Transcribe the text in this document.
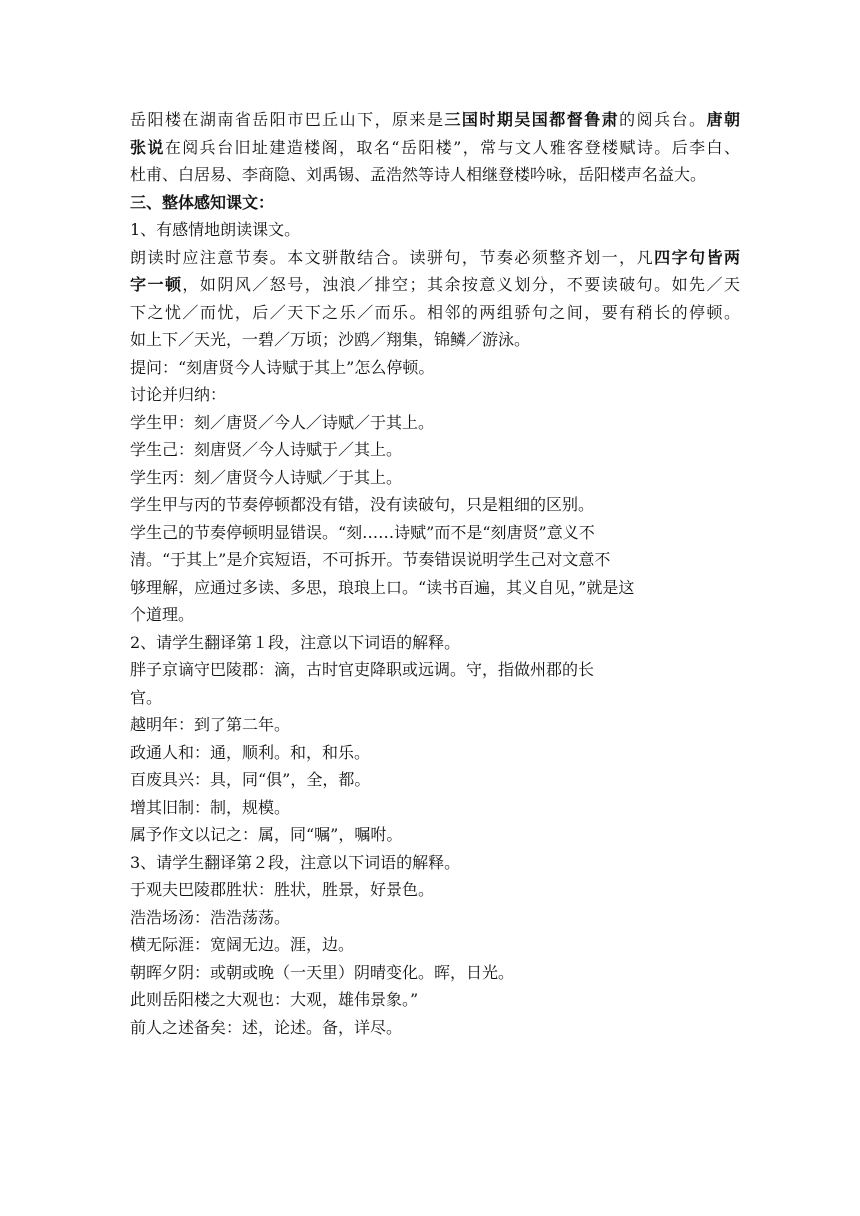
岳阳楼在湖南省岳阳市巴丘山下，原来是三国时期吴国都督鲁肃的阅兵台。唐朝
张说在阅兵台旧址建造楼阁，取名“岳阳楼”，常与文人雅客登楼赋诗。后李白、
杜甫、白居易、李商隐、刘禹锡、孟浩然等诗人相继登楼吟咏，岳阳楼声名益大。
三、整体感知课文：
1、有感情地朗读课文。
朗读时应注意节奏。本文骈散结合。读骈句，节奏必须整齐划一，凡四字句皆两
字一顿，如阴风／怒号，浊浪／排空；其余按意义划分，不要读破句。如先／天
下之忧／而忧，后／天下之乐／而乐。相邻的两组骄句之间，要有稍长的停顿。
如上下／天光，一碧／万顷；沙鸥／翔集，锦鳞／游泳。
提问：“刻唐贤今人诗赋于其上”怎么停顿。
讨论并归纳：
学生甲：刻／唐贤／今人／诗赋／于其上。
学生己：刻唐贤／今人诗赋于／其上。
学生丙：刻／唐贤今人诗赋／于其上。
学生甲与丙的节奏停顿都没有错，没有读破句，只是粗细的区别。
学生己的节奏停顿明显错误。“刻……诗赋”而不是“刻唐贤”意义不
清。“于其上”是介宾短语，不可拆开。节奏错误说明学生己对文意不
够理解，应通过多读、多思，琅琅上口。“读书百遍，其义自见，”就是这
个道理。
2、请学生翻译第１段，注意以下词语的解释。
胖子京谪守巴陵郡：滴，古时官吏降职或远调。守，指做州郡的长
官。
越明年：到了第二年。
政通人和：通，顺利。和，和乐。
百废具兴：具，同“俱”，全，都。
增其旧制：制，规模。
属予作文以记之：属，同“嘱”，嘱咐。
3、请学生翻译第２段，注意以下词语的解释。
于观夫巴陵郡胜状：胜状，胜景，好景色。
浩浩场汤：浩浩荡荡。
横无际涯：宽阔无边。涯，边。
朝晖夕阴：或朝或晚（一天里）阴晴变化。晖，日光。
此则岳阳楼之大观也：大观，雄伟景象。”
前人之述备矣：述，论述。备，详尽。
